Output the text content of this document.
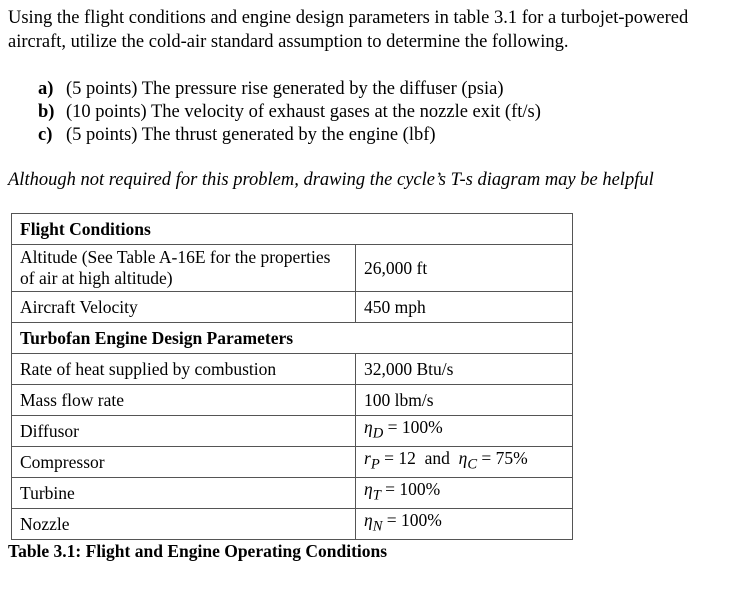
Using the flight conditions and engine design parameters in table 3.1 for a turbojet-powered aircraft, utilize the cold-air standard assumption to determine the following.
a) (5 points) The pressure rise generated by the diffuser (psia)
b) (10 points) The velocity of exhaust gases at the nozzle exit (ft/s)
c) (5 points) The thrust generated by the engine (lbf)
Although not required for this problem, drawing the cycle’s T-s diagram may be helpful
Flight Conditions	
Altitude (See Table A-16E for the properties of air at high altitude)	26,000 ft
Aircraft Velocity	450 mph
Turbofan Engine Design Parameters	
Rate of heat supplied by combustion	32,000 Btu/s
Mass flow rate	100 lbm/s
Diffusor	$\eta_D = 100\%$
Compressor	$r_P = 12$ and $\eta_C = 75\%$
Turbine	$\eta_T = 100\%$
Nozzle	$\eta_N = 100\%$
Table 3.1: Flight and Engine Operating Conditions
